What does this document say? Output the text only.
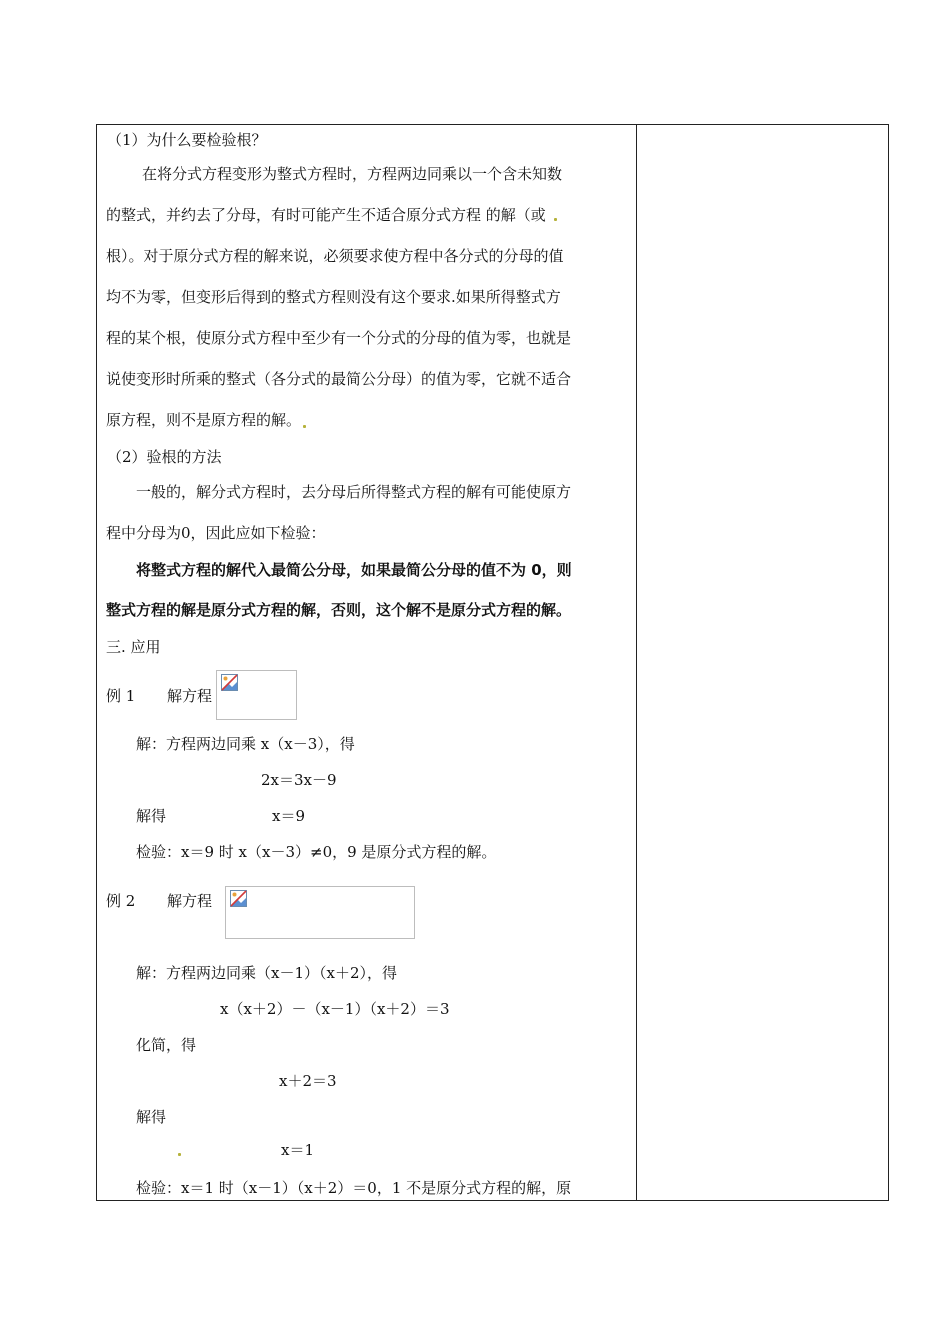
（1）为什么要检验根？
在将分式方程变形为整式方程时，方程两边同乘以一个含未知数
的整式，并约去了分母，有时可能产生不适合原分式方程 的解（或
根）。对于原分式方程的解来说，必须要求使方程中各分式的分母的值
均不为零，但变形后得到的整式方程则没有这个要求.如果所得整式方
程的某个根，使原分式方程中至少有一个分式的分母的值为零，也就是
说使变形时所乘的整式（各分式的最简公分母）的值为零，它就不适合
原方程，则不是原方程的解。
（2）验根的方法
一般的，解分式方程时，去分母后所得整式方程的解有可能使原方
程中分母为0，因此应如下检验：
将整式方程的解代入最简公分母，如果最简公分母的值不为 0，则
整式方程的解是原分式方程的解，否则，这个解不是原分式方程的解。
三. 应用
例 1 解方程
解：方程两边同乘 x（x－3），得
2x＝3x－9
解得	x＝9
检验：x＝9 时 x（x－3）≠0，9 是原分式方程的解。
例 2 解方程
解：方程两边同乘（x－1）（x＋2），得
x（x＋2）－（x－1）（x＋2）＝3
化简，得
x＋2＝3
解得
x＝1
检验：x＝1 时（x－1）（x＋2）＝0，1 不是原分式方程的解，原
